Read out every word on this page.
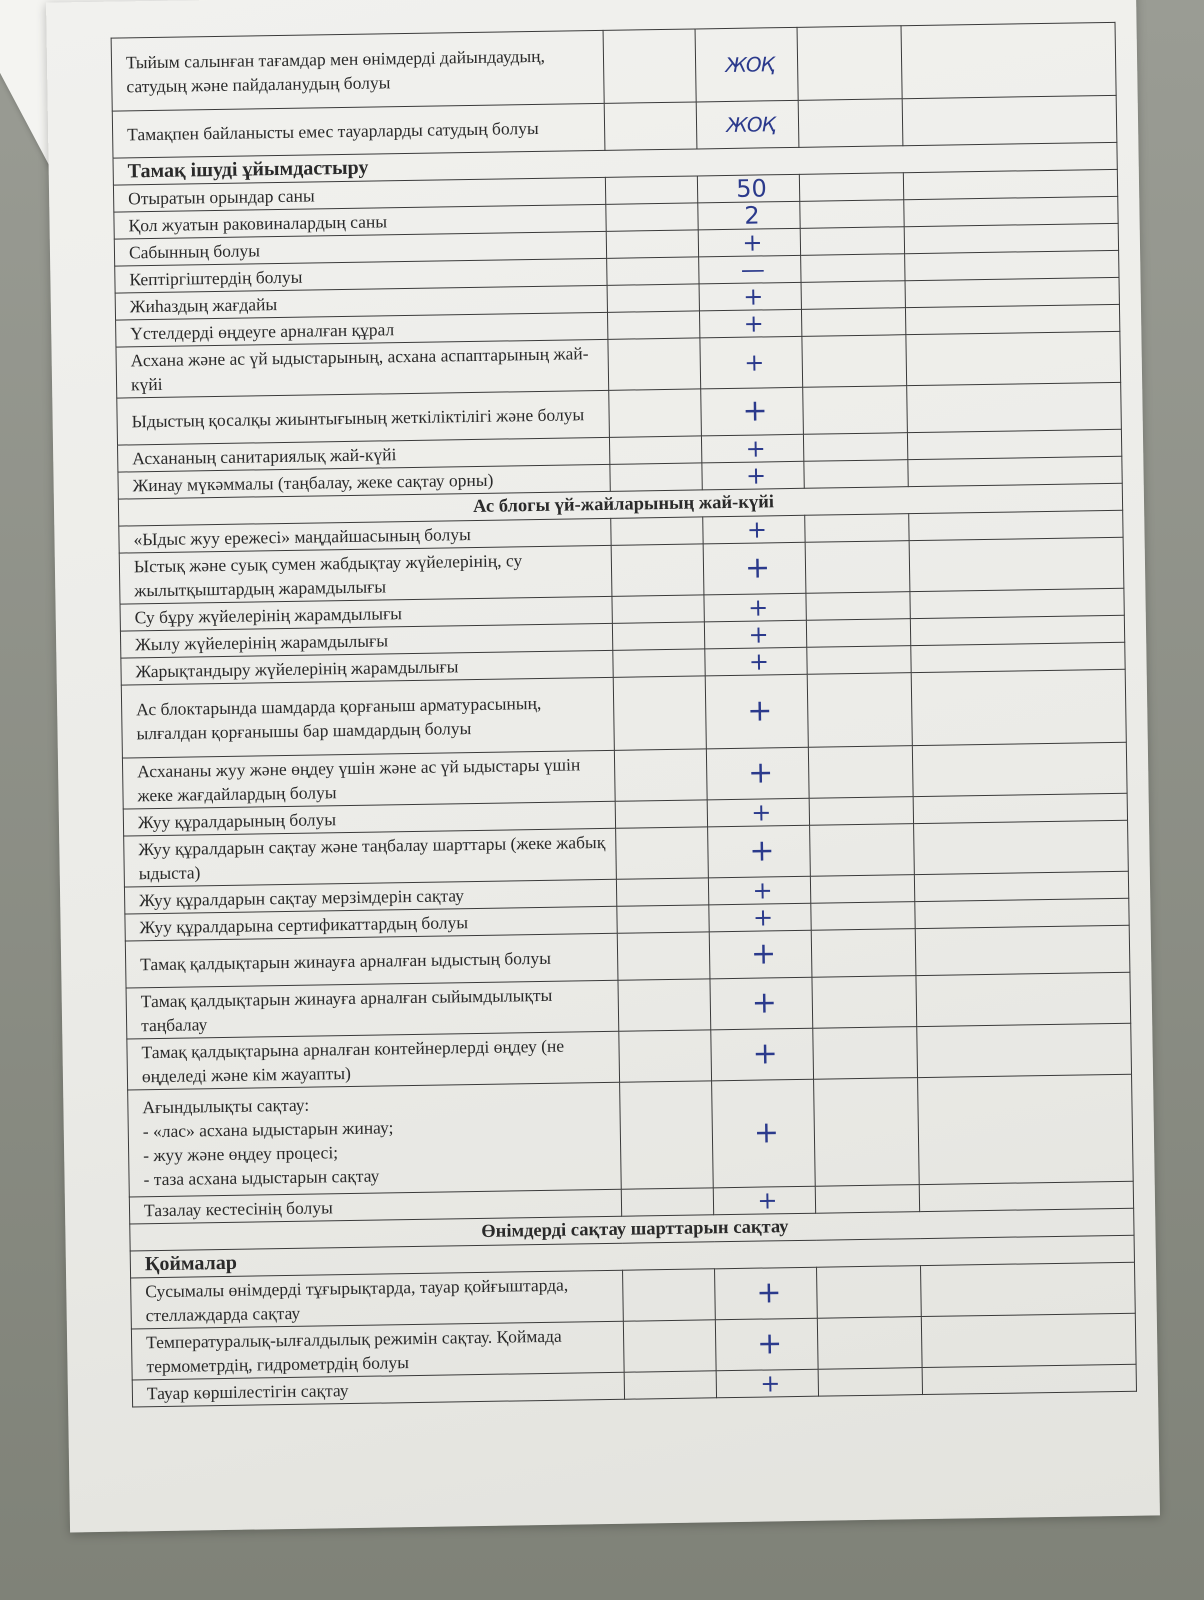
Тыйым салынған тағамдар мен өнімдерді дайындаудың, сатудың және пайдаланудың болуы		ЖОҚ		
Тамақпен байланысты емес тауарларды сатудың болуы		ЖОҚ		
Тамақ ішуді ұйымдастыру				
Отыратын орындар саны		50		
Қол жуатын раковиналардың саны		2		
Сабынның болуы		+		
Кептіргіштердің болуы		—		
Жиһаздың жағдайы		+		
Үстелдерді өңдеуге арналған құрал		+		
Асхана және ас үй ыдыстарының, асхана аспаптарының жай-күйі		+		
Ыдыстың қосалқы жиынтығының жеткіліктілігі және болуы		+		
Асхананың санитариялық жай-күйі		+		
Жинау мүкәммалы (таңбалау, жеке сақтау орны)		+		
Ас блогы үй-жайларының жай-күйі				
«Ыдыс жуу ережесі» маңдайшасының болуы		+		
Ыстық және суық сумен жабдықтау жүйелерінің, су жылытқыштардың жарамдылығы		+		
Су бұру жүйелерінің жарамдылығы		+		
Жылу жүйелерінің жарамдылығы		+		
Жарықтандыру жүйелерінің жарамдылығы		+		
Ас блоктарында шамдарда қорғаныш арматурасының, ылғалдан қорғанышы бар шамдардың болуы		+		
Асхананы жуу және өңдеу үшін және ас үй ыдыстары үшін жеке жағдайлардың болуы		+		
Жуу құралдарының болуы		+		
Жуу құралдарын сақтау және таңбалау шарттары (жеке жабық ыдыста)		+		
Жуу құралдарын сақтау мерзімдерін сақтау		+		
Жуу құралдарына сертификаттардың болуы		+		
Тамақ қалдықтарын жинауға арналған ыдыстың болуы		+		
Тамақ қалдықтарын жинауға арналған сыйымдылықты таңбалау		+		
Тамақ қалдықтарына арналған контейнерлерді өңдеу (не өңделеді және кім жауапты)		+		
Ағындылықты сақтау:
- «лас» асхана ыдыстарын жинау;
- жуу және өңдеу процесі;
- таза асхана ыдыстарын сақтау		+		
Тазалау кестесінің болуы		+		
Өнімдерді сақтау шарттарын сақтау				
Қоймалар				
Сусымалы өнімдерді тұғырықтарда, тауар қойғыштарда, стеллаждарда сақтау		+		
Температуралық-ылғалдылық режимін сақтау. Қоймада термометрдің, гидрометрдің болуы		+		
Тауар көршілестігін сақтау		+		
